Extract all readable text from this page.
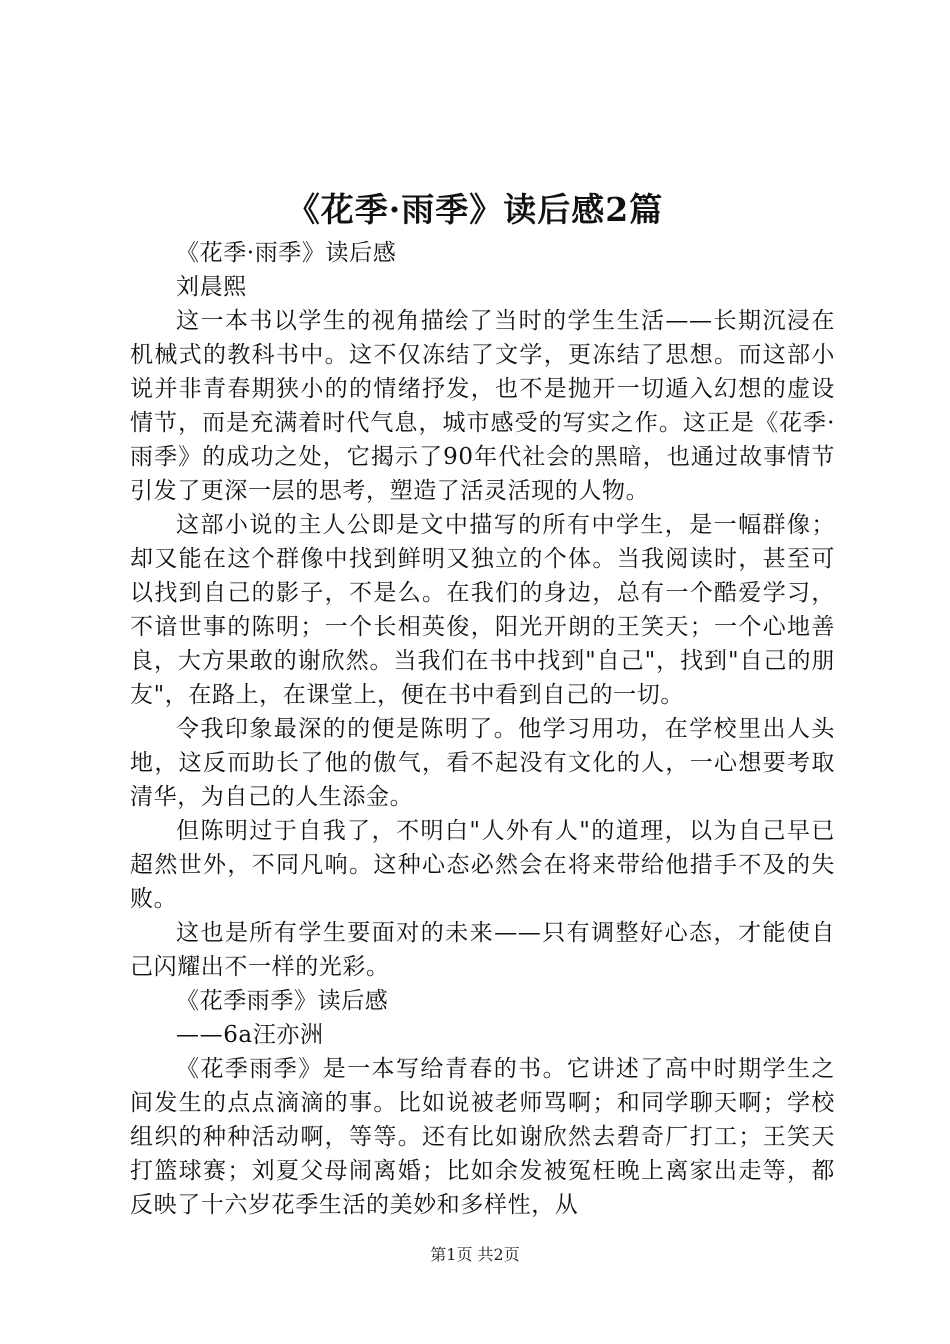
《花季·雨季》读后感2篇

《花季·雨季》读后感

刘晨熙

这一本书以学生的视角描绘了当时的学生生活——长期沉浸在机械式的教科书中。这不仅冻结了文学，更冻结了思想。而这部小说并非青春期狭小的的情绪抒发，也不是抛开一切遁入幻想的虚设情节，而是充满着时代气息，城市感受的写实之作。这正是《花季·雨季》的成功之处，它揭示了90年代社会的黑暗，也通过故事情节引发了更深一层的思考，塑造了活灵活现的人物。

这部小说的主人公即是文中描写的所有中学生，是一幅群像；却又能在这个群像中找到鲜明又独立的个体。当我阅读时，甚至可以找到自己的影子，不是么。在我们的身边，总有一个酷爱学习，不谙世事的陈明；一个长相英俊，阳光开朗的王笑天；一个心地善良，大方果敢的谢欣然。当我们在书中找到"自己"，找到"自己的朋友"，在路上，在课堂上，便在书中看到自己的一切。

令我印象最深的的便是陈明了。他学习用功，在学校里出人头地，这反而助长了他的傲气，看不起没有文化的人，一心想要考取清华，为自己的人生添金。

但陈明过于自我了，不明白"人外有人"的道理，以为自己早已超然世外，不同凡响。这种心态必然会在将来带给他措手不及的失败。

这也是所有学生要面对的未来——只有调整好心态，才能使自己闪耀出不一样的光彩。

《花季雨季》读后感

——6a汪亦洲

《花季雨季》是一本写给青春的书。它讲述了高中时期学生之间发生的点点滴滴的事。比如说被老师骂啊；和同学聊天啊；学校组织的种种活动啊，等等。还有比如谢欣然去碧奇厂打工；王笑天打篮球赛；刘夏父母闹离婚；比如余发被冤枉晚上离家出走等，都反映了十六岁花季生活的美妙和多样性，从

第1页 共2页
